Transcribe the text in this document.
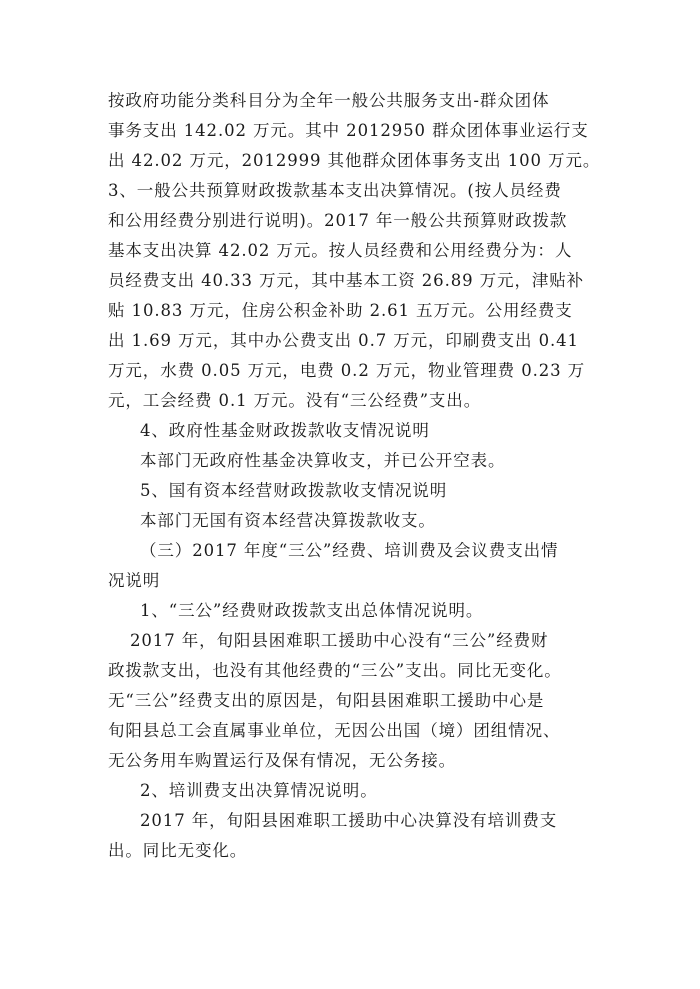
按政府功能分类科目分为全年一般公共服务支出-群众团体
事务支出 142.02 万元。其中 2012950 群众团体事业运行支
出 42.02 万元，2012999 其他群众团体事务支出 100 万元。
3、一般公共预算财政拨款基本支出决算情况。(按人员经费
和公用经费分别进行说明)。2017 年一般公共预算财政拨款
基本支出决算 42.02 万元。按人员经费和公用经费分为：人
员经费支出 40.33 万元，其中基本工资 26.89 万元，津贴补
贴 10.83 万元，住房公积金补助 2.61 五万元。公用经费支
出 1.69 万元，其中办公费支出 0.7 万元，印刷费支出 0.41
万元，水费 0.05 万元，电费 0.2 万元，物业管理费 0.23 万
元，工会经费 0.1 万元。没有“三公经费”支出。
4、政府性基金财政拨款收支情况说明
本部门无政府性基金决算收支，并已公开空表。
5、国有资本经营财政拨款收支情况说明
本部门无国有资本经营决算拨款收支。
（三）2017 年度“三公”经费、培训费及会议费支出情
况说明
1、“三公”经费财政拨款支出总体情况说明。
2017 年，旬阳县困难职工援助中心没有“三公”经费财
政拨款支出，也没有其他经费的“三公”支出。同比无变化。
无“三公”经费支出的原因是，旬阳县困难职工援助中心是
旬阳县总工会直属事业单位，无因公出国（境）团组情况、
无公务用车购置运行及保有情况，无公务接。
2、培训费支出决算情况说明。
2017 年，旬阳县困难职工援助中心决算没有培训费支
出。同比无变化。
